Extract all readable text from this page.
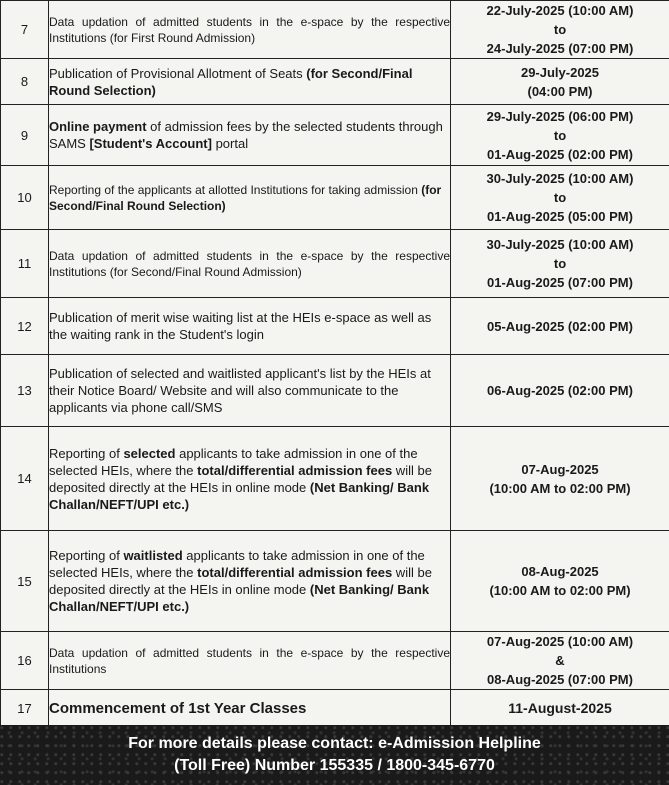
7	Data updation of admitted students in the e-space by the respective Institutions (for First Round Admission)	22-July-2025 (10:00 AM)
to
24-July-2025 (07:00 PM)

8	Publication of Provisional Allotment of Seats (for Second/Final Round Selection)	29-July-2025
(04:00 PM)

9	Online payment of admission fees by the selected students through SAMS [Student's Account] portal	29-July-2025 (06:00 PM)
to
01-Aug-2025 (02:00 PM)

10	Reporting of the applicants at allotted Institutions for taking admission (for Second/Final Round Selection)	30-July-2025 (10:00 AM)
to
01-Aug-2025 (05:00 PM)

11	Data updation of admitted students in the e-space by the respective Institutions (for Second/Final Round Admission)	30-July-2025 (10:00 AM)
to
01-Aug-2025 (07:00 PM)

12	Publication of merit wise waiting list at the HEIs e-space as well as the waiting rank in the Student's login	05-Aug-2025 (02:00 PM)

13	Publication of selected and waitlisted applicant's list by the HEIs at their Notice Board/ Website and will also communicate to the applicants via phone call/SMS	06-Aug-2025 (02:00 PM)

14	Reporting of selected applicants to take admission in one of the selected HEIs, where the total/differential admission fees will be deposited directly at the HEIs in online mode (Net Banking/ Bank Challan/NEFT/UPI etc.)	07-Aug-2025
(10:00 AM to 02:00 PM)

15	Reporting of waitlisted applicants to take admission in one of the selected HEIs, where the total/differential admission fees will be deposited directly at the HEIs in online mode (Net Banking/ Bank Challan/NEFT/UPI etc.)	08-Aug-2025
(10:00 AM to 02:00 PM)

16	Data updation of admitted students in the e-space by the respective Institutions	07-Aug-2025 (10:00 AM)
&
08-Aug-2025 (07:00 PM)

17	Commencement of 1st Year Classes	11-August-2025
For more details please contact: e-Admission Helpline
(Toll Free) Number 155335 / 1800-345-6770
